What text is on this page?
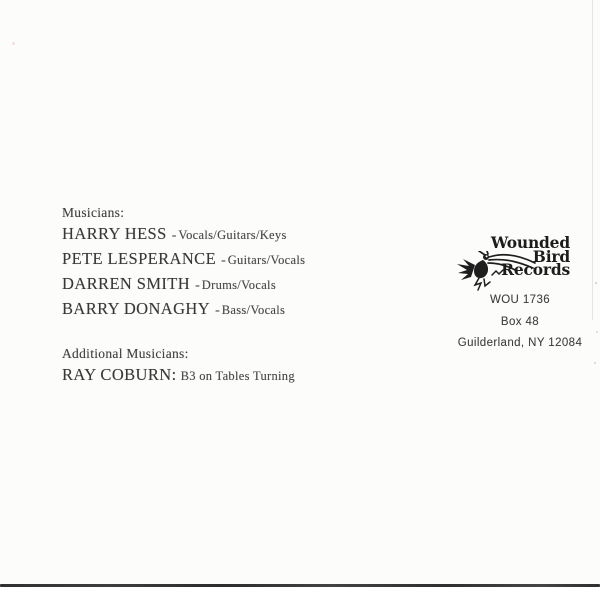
Musicians:
HARRY HESS - Vocals/Guitars/Keys
PETE LESPERANCE - Guitars/Vocals
DARREN SMITH - Drums/Vocals
BARRY DONAGHY - Bass/Vocals
Additional Musicians:
RAY COBURN: B3 on Tables Turning
Wounded
Bird
Records
WOU 1736
Box 48
Guilderland, NY 12084
